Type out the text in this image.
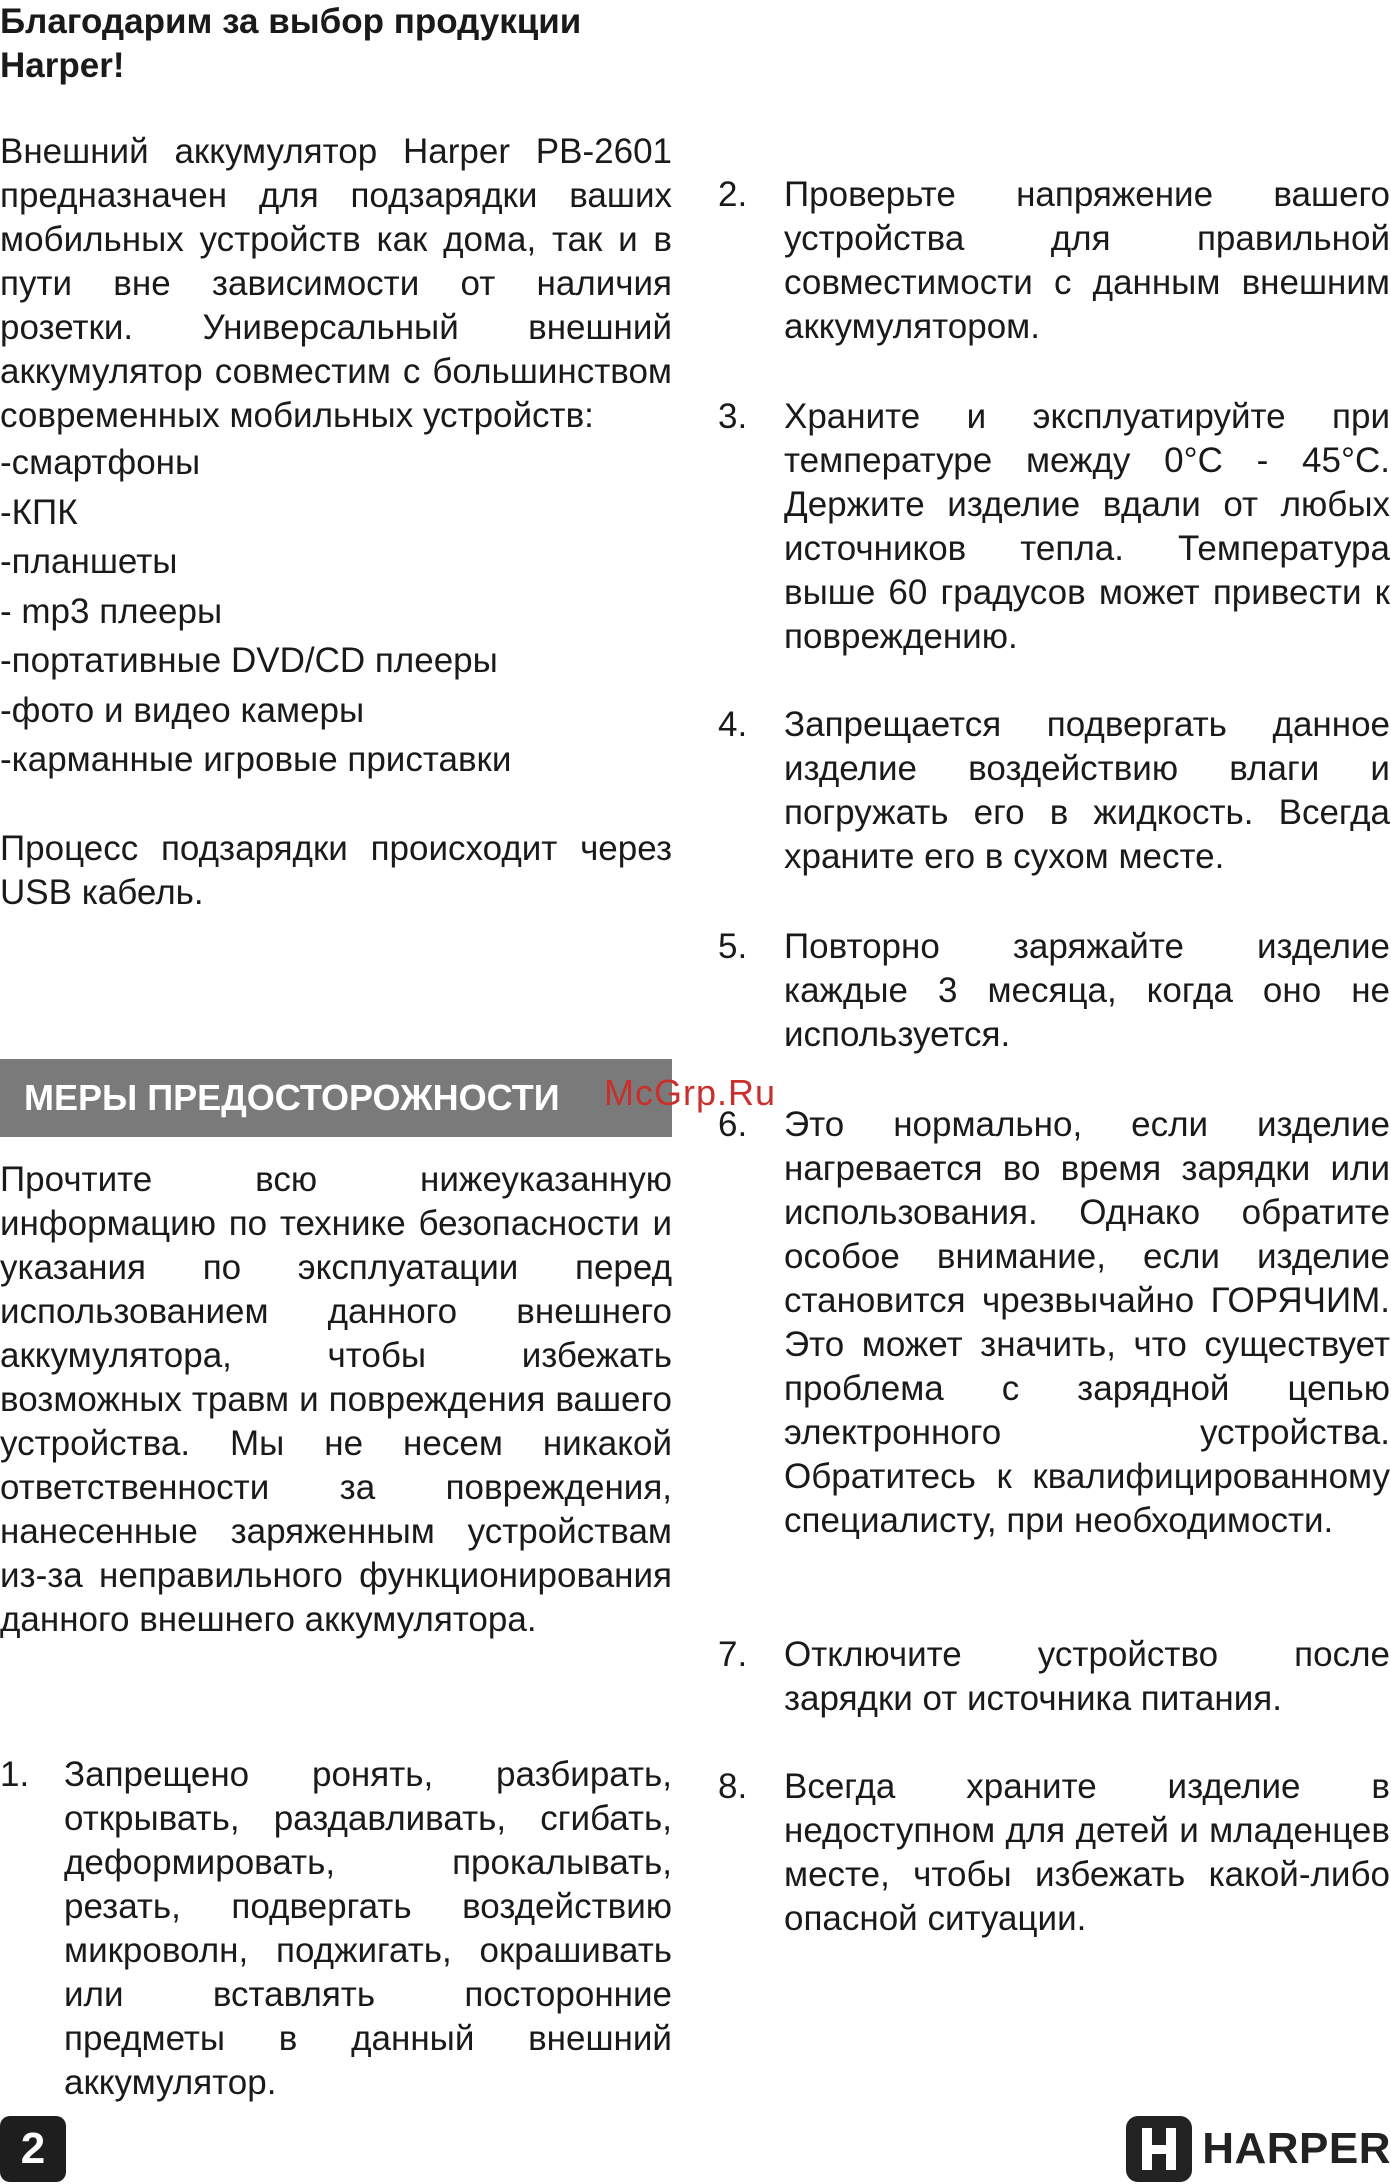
Благодарим за выбор продукции Harper!

Внешний аккумулятор Harper PB-2601 предназначен для подзарядки ваших мобильных устройств как дома, так и в пути вне зависимости от наличия розетки. Универсальный внешний аккумулятор совместим с большинством современных мобильных устройств:

-смартфоны
-КПК
-планшеты
- mp3 плееры
-портативные DVD/CD плееры
-фото и видео камеры
-карманные игровые приставки

Процесс подзарядки происходит через USB кабель.

МЕРЫ ПРЕДОСТОРОЖНОСТИ	McGrp.Ru

Прочтите всю нижеуказанную информацию по технике безопасности и указания по эксплуатации перед использованием данного внешнего аккумулятора, чтобы избежать возможных травм и повреждения вашего устройства. Мы не несем никакой ответственности за повреждения, нанесенные заряженным устройствам из-за неправильного функционирования данного внешнего аккумулятора.

1. Запрещено ронять, разбирать, открывать, раздавливать, сгибать, деформировать, прокалывать, резать, подвергать воздействию микроволн, поджигать, окрашивать или вставлять посторонние предметы в данный внешний аккумулятор.
2.	Проверьте напряжение вашего устройства для правильной совместимости с данным внешним аккумулятором.
3.	Храните и эксплуатируйте при температуре между 0°C - 45°C. Держите изделие вдали от любых источников тепла. Температура выше 60 градусов может привести к повреждению.
4.	Запрещается подвергать данное изделие воздействию влаги и погружать его в жидкость. Всегда храните его в сухом месте.
5.	Повторно заряжайте изделие каждые 3 месяца, когда оно не используется.
6.	Это нормально, если изделие нагревается во время зарядки или использования. Однако обратите особое внимание, если изделие становится чрезвычайно ГОРЯЧИМ. Это может значить, что существует проблема с зарядной цепью электронного устройства. Обратитесь к квалифицированному специалисту, при необходимости.
7.	Отключите устройство после зарядки от источника питания.
8.	Всегда храните изделие в недоступном для детей и младенцев месте, чтобы избежать какой-либо опасной ситуации.
2	HARPER
